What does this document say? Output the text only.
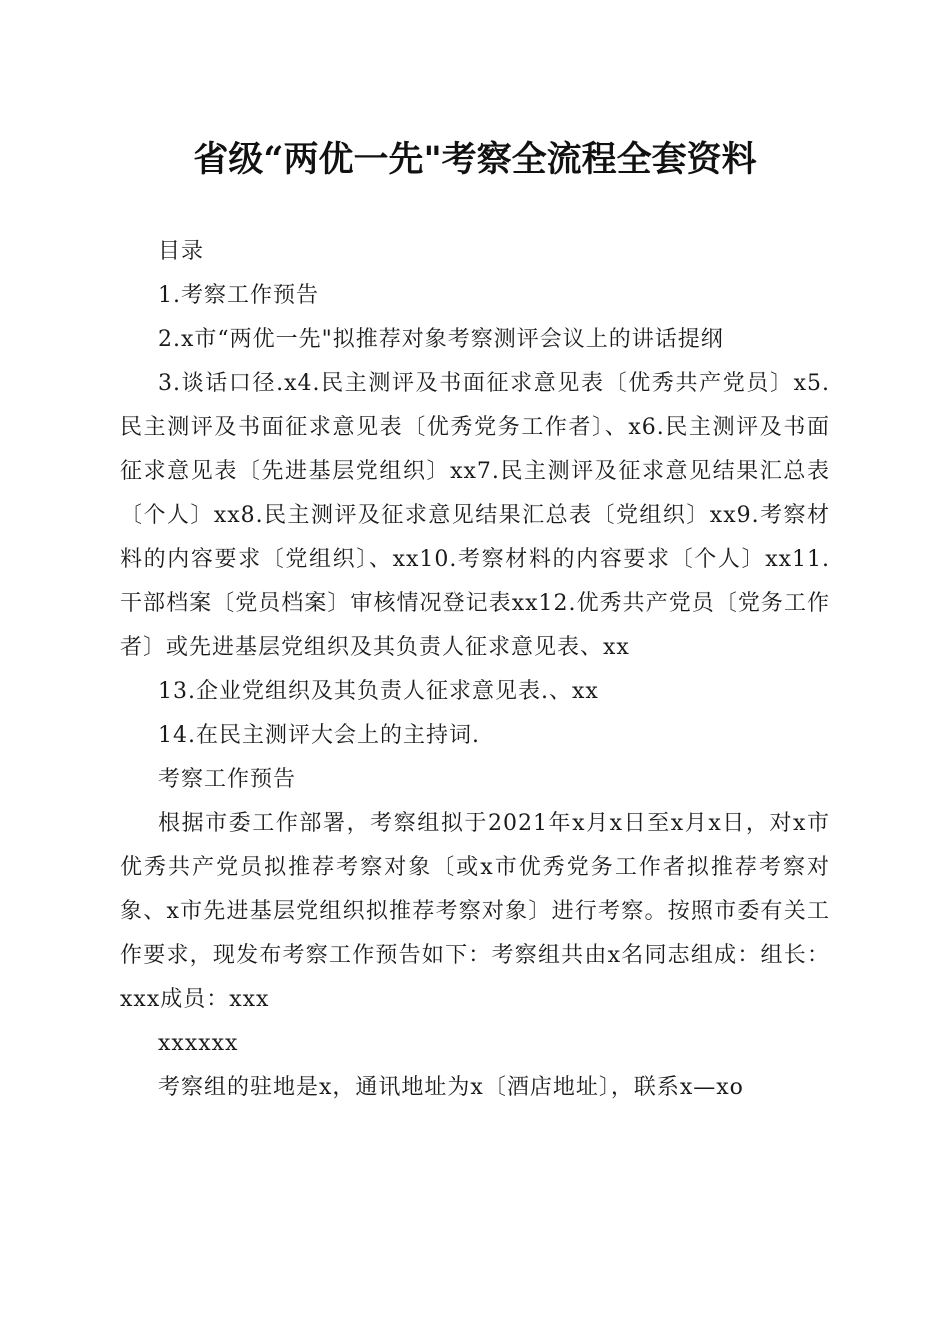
省级“两优一先"考察全流程全套资料

目录

1.考察工作预告

2.x市“两优一先"拟推荐对象考察测评会议上的讲话提纲

3.谈话口径.x4.民主测评及书面征求意见表〔优秀共产党员〕x5.民主测评及书面征求意见表〔优秀党务工作者〕、x6.民主测评及书面征求意见表〔先进基层党组织〕xx7.民主测评及征求意见结果汇总表〔个人〕xx8.民主测评及征求意见结果汇总表〔党组织〕xx9.考察材料的内容要求〔党组织〕、xx10.考察材料的内容要求〔个人〕xx11.干部档案〔党员档案〕审核情况登记表xx12.优秀共产党员〔党务工作者〕或先进基层党组织及其负责人征求意见表、xx

13.企业党组织及其负责人征求意见表.、xx

14.在民主测评大会上的主持词.

考察工作预告

根据市委工作部署，考察组拟于2021年x月x日至x月x日，对x市优秀共产党员拟推荐考察对象〔或x市优秀党务工作者拟推荐考察对象、x市先进基层党组织拟推荐考察对象〕进行考察。按照市委有关工作要求，现发布考察工作预告如下：考察组共由x名同志组成：组长：xxx成员：xxx

xxxxxx

考察组的驻地是x，通讯地址为x〔酒店地址〕，联系x—xo
